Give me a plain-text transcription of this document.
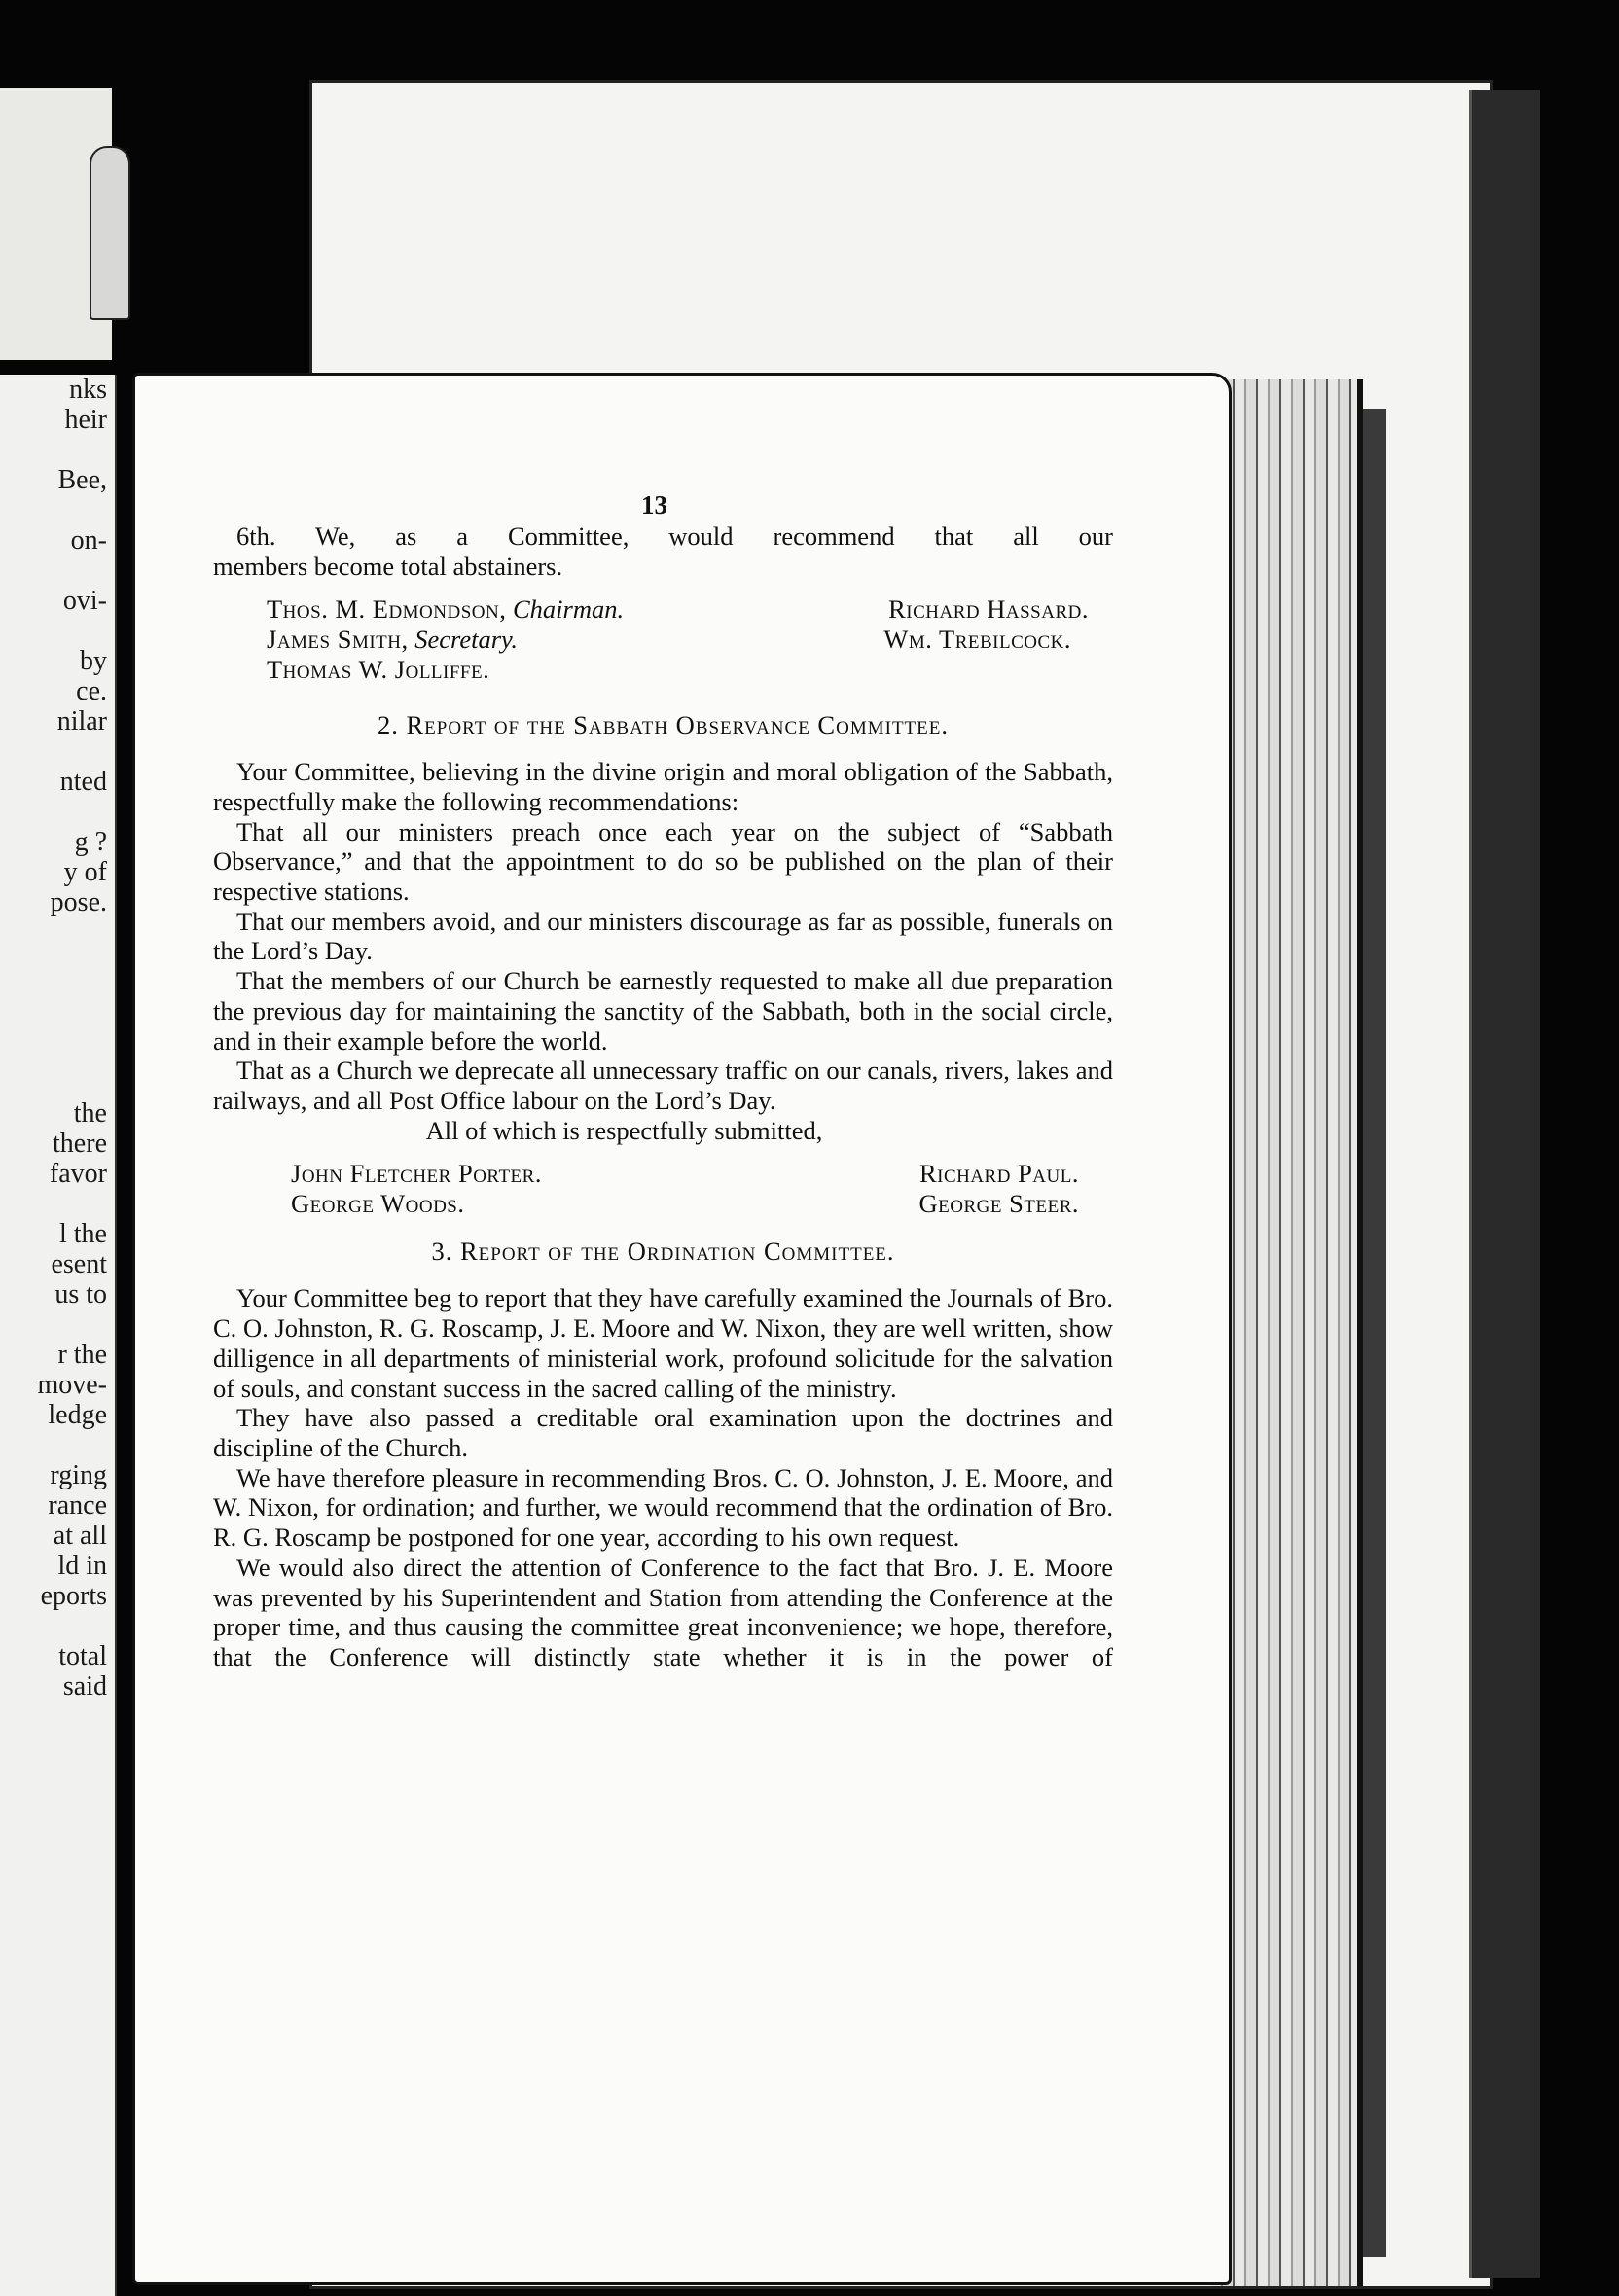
nks
heir
Bee,
on-
ovi-
by
ce.
nilar
nted
g ?
y of
pose.
the
there
favor
l the
esent
us to
r the
move-
ledge
rging
rance
at all
ld in
eports
total
said
13

6th. We, as a Committee, would recommend that all our

members become total abstainers.

Thos. M. Edmondson, Chairman.	Richard Hassard.
James Smith, Secretary.	Wm. Trebilcock.
Thomas W. Jolliffe.
2. Report of the Sabbath Observance Committee.

Your Committee, believing in the divine origin and moral obligation of the Sabbath, respectfully make the following recommendations:

That all our ministers preach once each year on the subject of “Sabbath Observance,” and that the appointment to do so be published on the plan of their respective stations.

That our members avoid, and our ministers discourage as far as possible, funerals on the Lord’s Day.

That the members of our Church be earnestly requested to make all due preparation the previous day for maintaining the sanctity of the Sabbath, both in the social circle, and in their example before the world.

That as a Church we deprecate all unnecessary traffic on our canals, rivers, lakes and railways, and all Post Office labour on the Lord’s Day.

All of which is respectfully submitted,
John Fletcher Porter.	Richard Paul.
George Woods.	George Steer.
3. Report of the Ordination Committee.

Your Committee beg to report that they have carefully examined the Journals of Bro. C. O. Johnston, R. G. Roscamp, J. E. Moore and W. Nixon, they are well written, show dilligence in all departments of ministerial work, profound solicitude for the salvation of souls, and constant success in the sacred calling of the ministry.

They have also passed a creditable oral examination upon the doctrines and discipline of the Church.

We have therefore pleasure in recommending Bros. C. O. Johnston, J. E. Moore, and W. Nixon, for ordination; and further, we would recommend that the ordination of Bro. R. G. Roscamp be postponed for one year, according to his own request.

We would also direct the attention of Conference to the fact that Bro. J. E. Moore was prevented by his Superintendent and Station from attending the Conference at the proper time, and thus causing the committee great inconvenience; we hope, therefore, that the Conference will distinctly state whether it is in the power of
